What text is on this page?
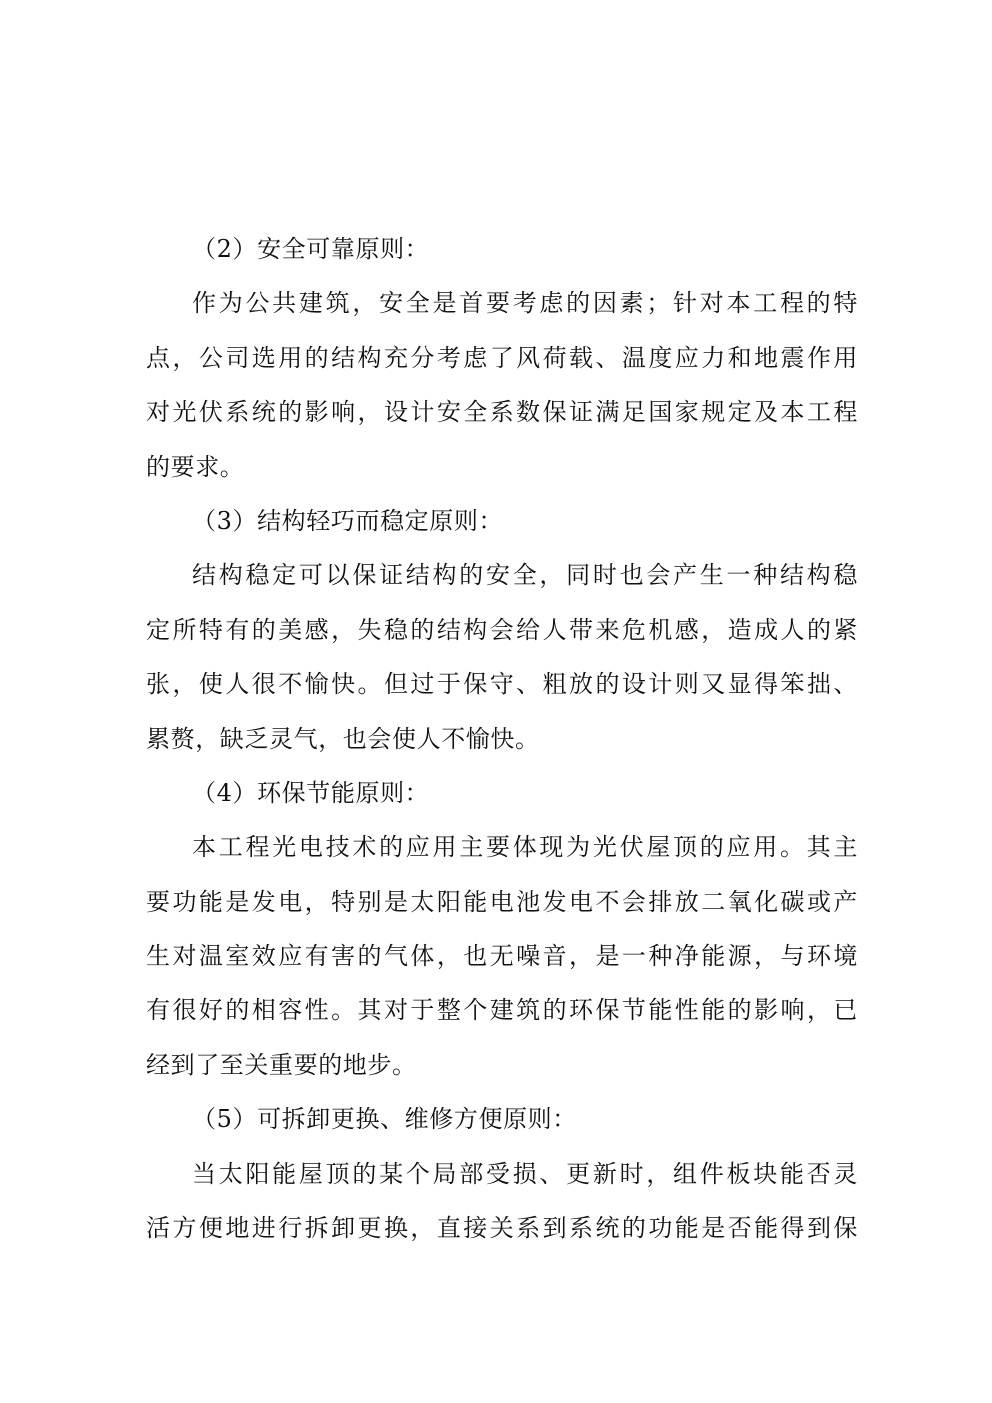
（2）安全可靠原则：
作为公共建筑，安全是首要考虑的因素；针对本工程的特
点，公司选用的结构充分考虑了风荷载、温度应力和地震作用
对光伏系统的影响，设计安全系数保证满足国家规定及本工程
的要求。
（3）结构轻巧而稳定原则：
结构稳定可以保证结构的安全，同时也会产生一种结构稳
定所特有的美感，失稳的结构会给人带来危机感，造成人的紧
张，使人很不愉快。但过于保守、粗放的设计则又显得笨拙、
累赘，缺乏灵气，也会使人不愉快。
（4）环保节能原则：
本工程光电技术的应用主要体现为光伏屋顶的应用。其主
要功能是发电，特别是太阳能电池发电不会排放二氧化碳或产
生对温室效应有害的气体，也无噪音，是一种净能源，与环境
有很好的相容性。其对于整个建筑的环保节能性能的影响，已
经到了至关重要的地步。
（5）可拆卸更换、维修方便原则：
当太阳能屋顶的某个局部受损、更新时，组件板块能否灵
活方便地进行拆卸更换，直接关系到系统的功能是否能得到保
